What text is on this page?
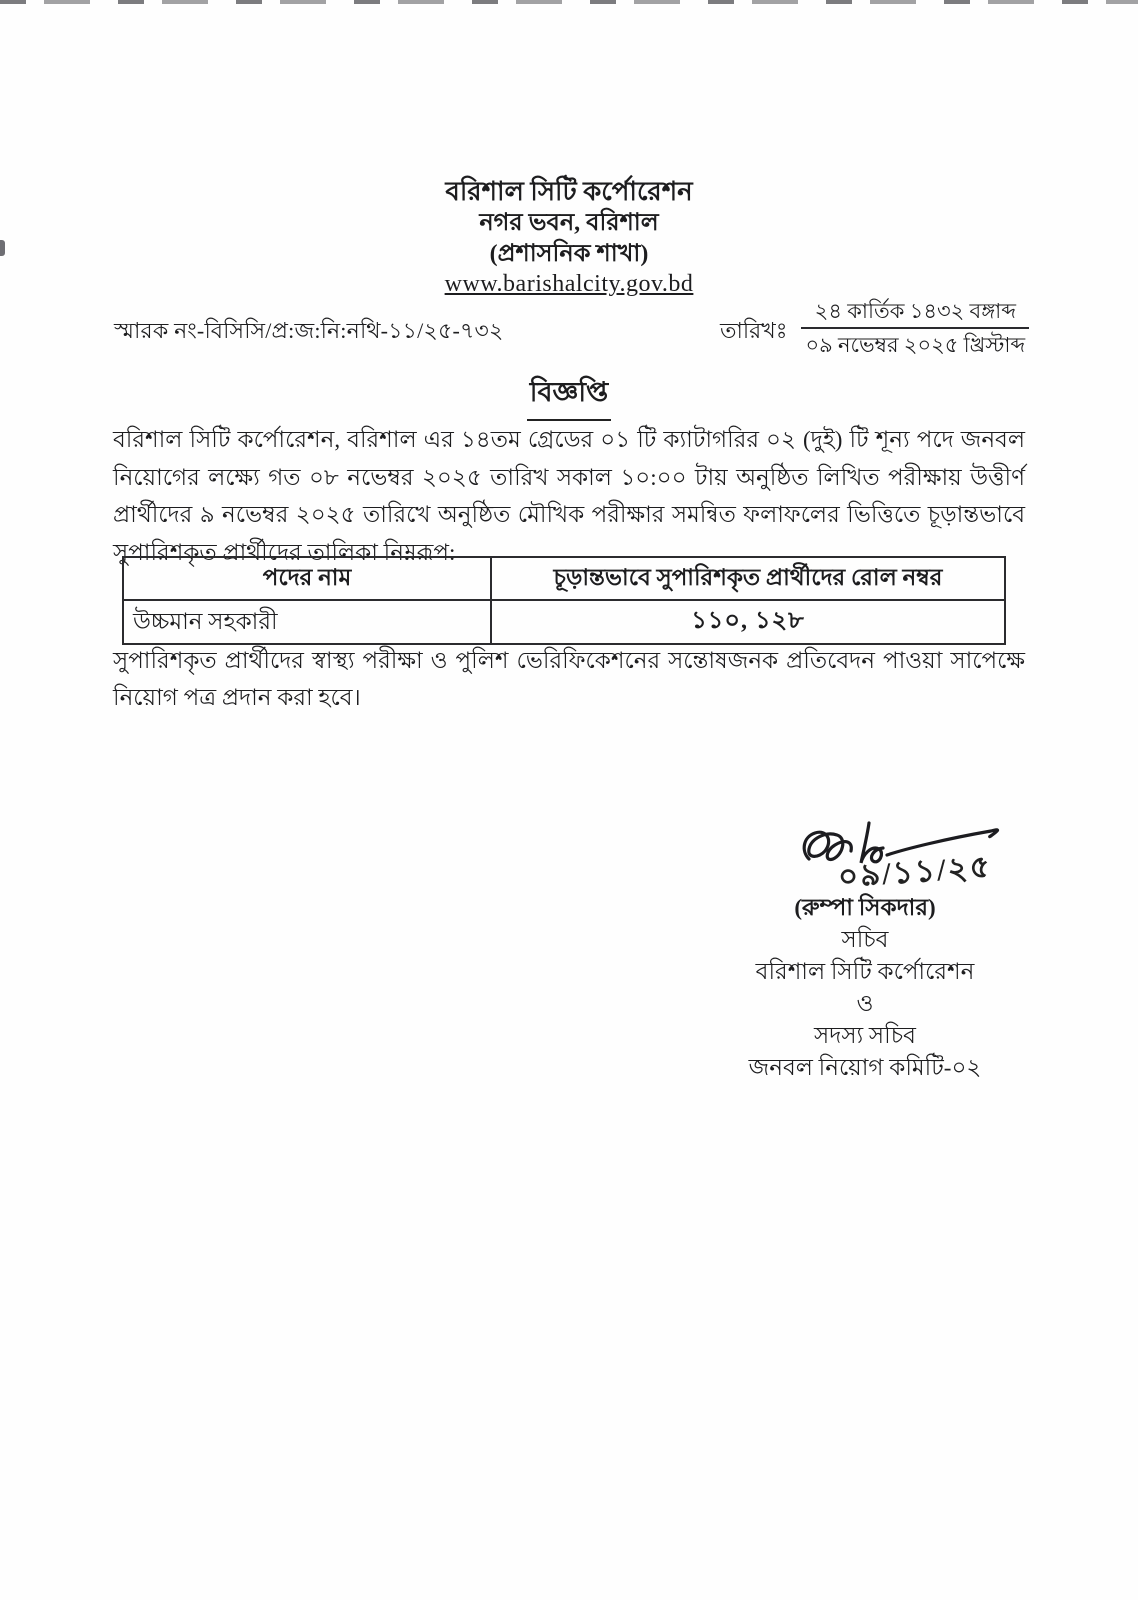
বরিশাল সিটি কর্পোরেশন
নগর ভবন, বরিশাল
(প্রশাসনিক শাখা)
www.barishalcity.gov.bd
স্মারক নং-বিসিসি/প্র:জ:নি:নথি-১১/২৫-৭৩২	তারিখঃ $\frac{\text{২৪ কার্তিক ১৪৩২ বঙ্গাব্দ}}{\text{০৯ নভেম্বর ২০২৫ খ্রিস্টাব্দ}}$
বিজ্ঞপ্তি
বরিশাল সিটি কর্পোরেশন, বরিশাল এর ১৪তম গ্রেডের ০১ টি ক্যাটাগরির ০২ (দুই) টি শূন্য পদে জনবল নিয়োগের লক্ষ্যে গত ০৮ নভেম্বর ২০২৫ তারিখ সকাল ১০:০০ টায় অনুষ্ঠিত লিখিত পরীক্ষায় উত্তীর্ণ প্রার্থীদের ৯ নভেম্বর ২০২৫ তারিখে অনুষ্ঠিত মৌখিক পরীক্ষার সমন্বিত ফলাফলের ভিত্তিতে চূড়ান্তভাবে সুপারিশকৃত প্রার্থীদের তালিকা নিম্নরূপ:
পদের নাম	চূড়ান্তভাবে সুপারিশকৃত প্রার্থীদের রোল নম্বর
উচ্চমান সহকারী	১১০, ১২৮
সুপারিশকৃত প্রার্থীদের স্বাস্থ্য পরীক্ষা ও পুলিশ ভেরিফিকেশনের সন্তোষজনক প্রতিবেদন পাওয়া সাপেক্ষে নিয়োগ পত্র প্রদান করা হবে।
০৯/১১/২৫
(রুম্পা সিকদার)
সচিব
বরিশাল সিটি কর্পোরেশন
ও
সদস্য সচিব
জনবল নিয়োগ কমিটি-০২
